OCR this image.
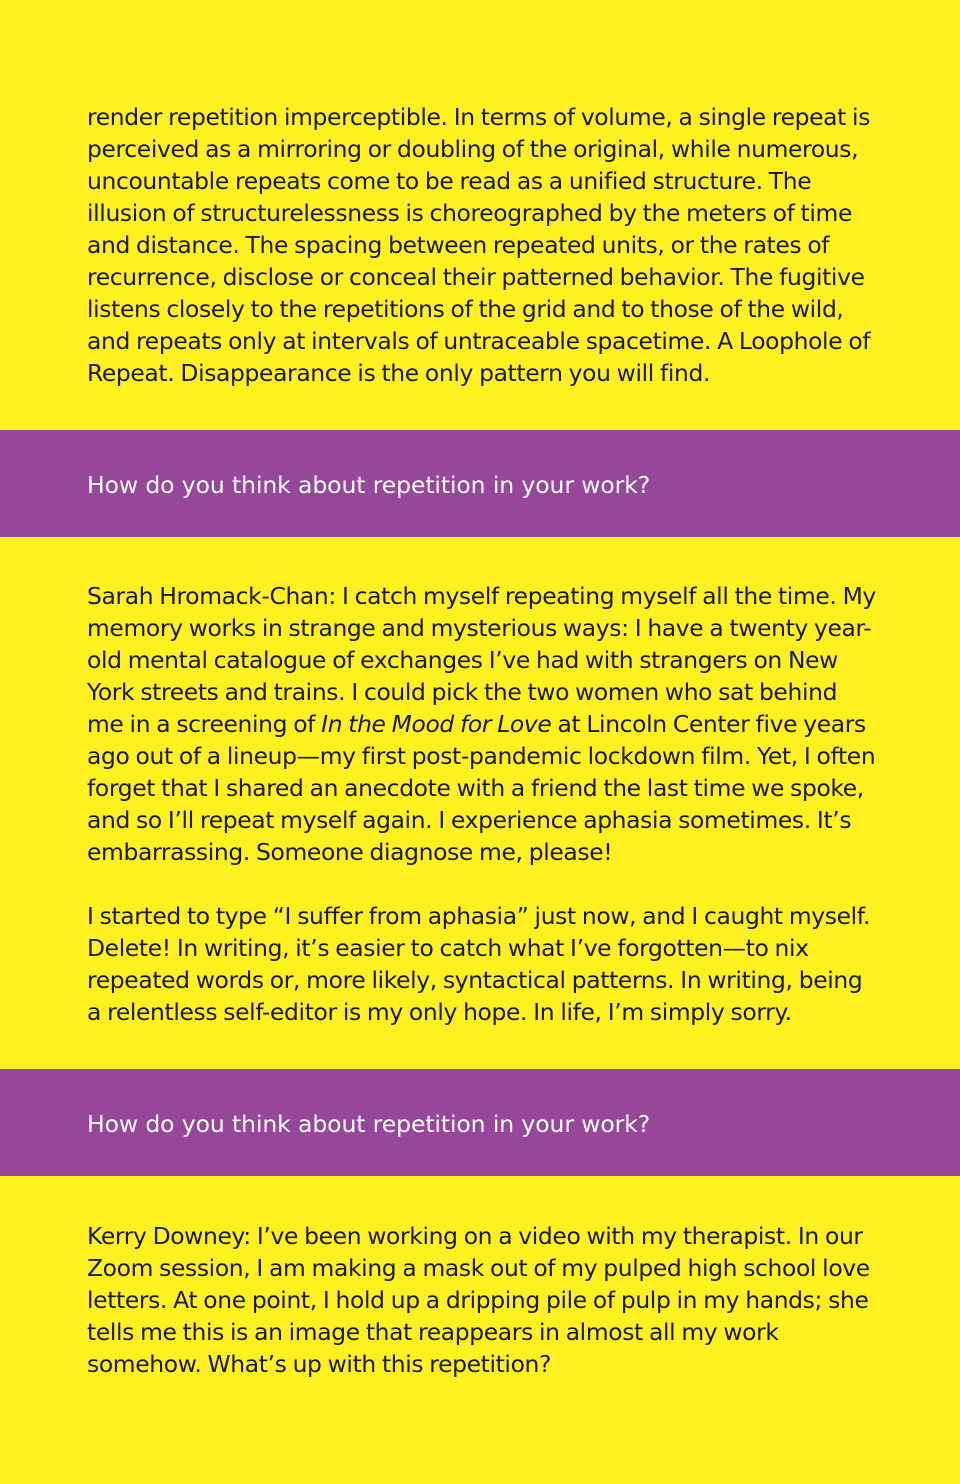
render repetition imperceptible. In terms of volume, a single repeat is perceived as a mirroring or doubling of the original, while numerous, uncountable repeats come to be read as a unified structure. The illusion of structurelessness is choreographed by the meters of time and distance. The spacing between repeated units, or the rates of recurrence, disclose or conceal their patterned behavior. The fugitive listens closely to the repetitions of the grid and to those of the wild, and repeats only at intervals of untraceable spacetime. A Loophole of Repeat. Disappearance is the only pattern you will find.

How do you think about repetition in your work?

Sarah Hromack-Chan: I catch myself repeating myself all the time. My memory works in strange and mysterious ways: I have a twenty year-old mental catalogue of exchanges I’ve had with strangers on New York streets and trains. I could pick the two women who sat behind me in a screening of In the Mood for Love at Lincoln Center five years ago out of a lineup—my first post-pandemic lockdown film. Yet, I often forget that I shared an anecdote with a friend the last time we spoke, and so I’ll repeat myself again. I experience aphasia sometimes. It’s embarrassing. Someone diagnose me, please!

I started to type “I suffer from aphasia” just now, and I caught myself. Delete! In writing, it’s easier to catch what I’ve forgotten—to nix repeated words or, more likely, syntactical patterns. In writing, being a relentless self-editor is my only hope. In life, I’m simply sorry.

How do you think about repetition in your work?

Kerry Downey: I’ve been working on a video with my therapist. In our Zoom session, I am making a mask out of my pulped high school love letters. At one point, I hold up a dripping pile of pulp in my hands; she tells me this is an image that reappears in almost all my work somehow. What’s up with this repetition?
